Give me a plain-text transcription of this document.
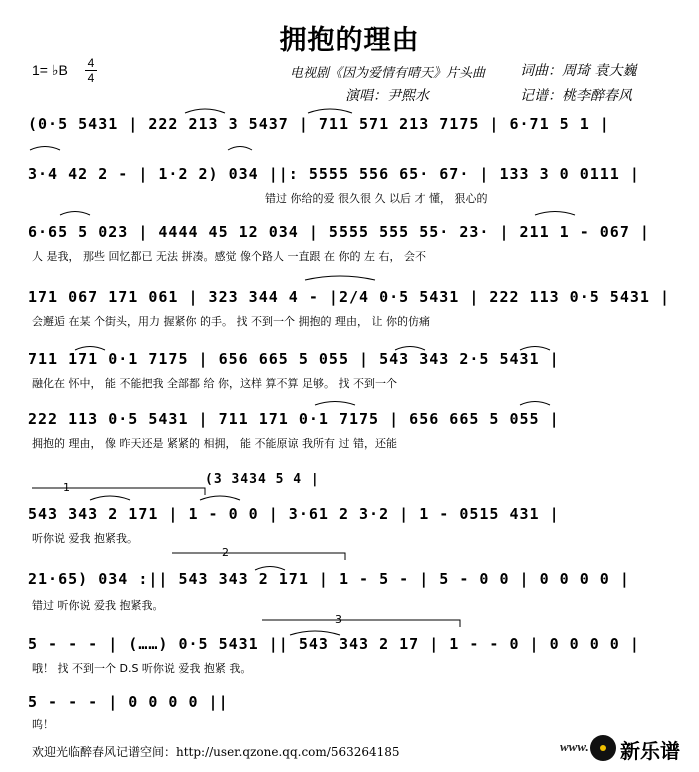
拥抱的理由
1= ♭B 4
4	电视剧《因为爱情有晴天》片头曲 词曲：周琦 袁大巍
演唱：尹熙水	记谱：桃李醉春风
(0·5 5431 | 222 213 3 5437 | 711 571 213 7175 | 6·71 5 1 |
3·4 42 2 - | 1·2 2) 034 ||: 5555 556 65· 67· | 133 3 0 0111 |
错过 你给的爱 很久很 久 以后 才 懂， 狠心的
6·65 5 023 | 4444 45 12 034 | 5555 555 55· 23· | 211 1 - 067 |
人 是我， 那些 回忆都已 无法 拼凑。感觉 像个路人 一直跟 在 你的 左 右， 会不
171 067 171 061 | 323 344 4 - |2/4 0·5 5431 | 222 113 0·5 5431 |
会邂逅 在某 个街头，用力 握紧你 的手。 找 不到一个 拥抱的 理由， 让 你的仿痛
711 171 0·1 7175 | 656 665 5 055 | 543 343 2·5 5431 |
融化在 怀中， 能 不能把我 全部都 给 你，这样 算不算 足够。 找 不到一个
222 113 0·5 5431 | 711 171 0·1 7175 | 656 665 5 055 |
拥抱的 理由， 像 昨天还是 紧紧的 相拥， 能 不能原谅 我所有 过 错，还能
(3 3434 5 4 |
1
543 343 2 171 | 1 - 0 0 | 3·61 2 3·2 | 1 - 0515 431 |
听你说 爱我 抱紧我。
2
21·65) 034 :|| 543 343 2 171 | 1 - 5 - | 5 - 0 0 | 0 0 0 0 |
错过 听你说 爱我 抱紧我。
3
5 - - - | (……) 0·5 5431 || 543 343 2 17 | 1 - - 0 | 0 0 0 0 |
哦！ 找 不到一个 D.S 听你说 爱我 抱紧 我。
5 - - - | 0 0 0 0 ||
呜！
欢迎光临醉春风记谱空间：http://user.qzone.qq.com/563264185	www. 新乐谱
